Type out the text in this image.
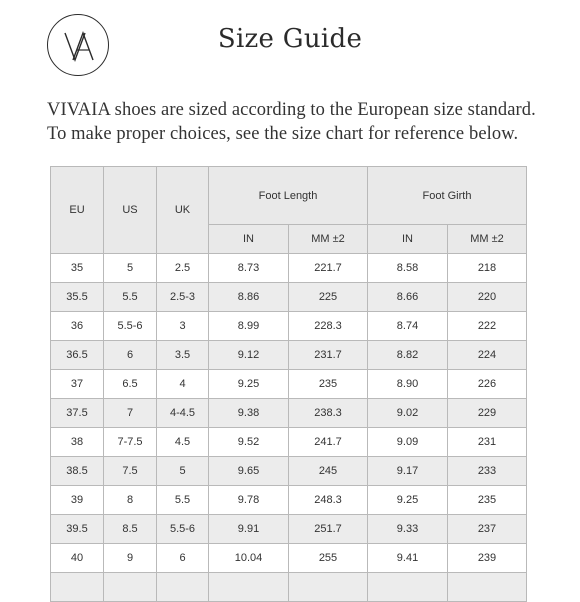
Size Guide
VIVAIA shoes are sized according to the European size standard.
To make proper choices, see the size chart for reference below.
EU	US	UK	Foot Length		Foot Girth	
			IN	MM ±2	IN	MM ±2
35	5	2.5	8.73	221.7	8.58	218
35.5	5.5	2.5-3	8.86	225	8.66	220
36	5.5-6	3	8.99	228.3	8.74	222
36.5	6	3.5	9.12	231.7	8.82	224
37	6.5	4	9.25	235	8.90	226
37.5	7	4-4.5	9.38	238.3	9.02	229
38	7-7.5	4.5	9.52	241.7	9.09	231
38.5	7.5	5	9.65	245	9.17	233
39	8	5.5	9.78	248.3	9.25	235
39.5	8.5	5.5-6	9.91	251.7	9.33	237
40	9	6	10.04	255	9.41	239
